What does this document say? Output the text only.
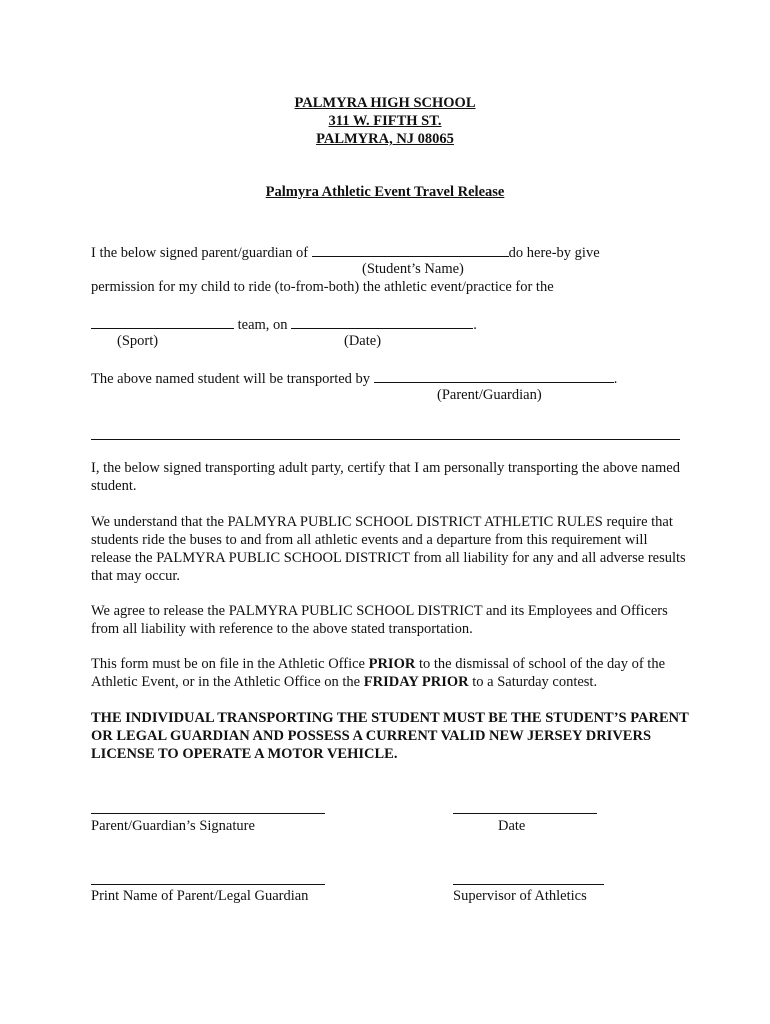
PALMYRA HIGH SCHOOL
311 W. FIFTH ST.
PALMYRA, NJ 08065
Palmyra Athletic Event Travel Release
I the below signed parent/guardian of	do here-by give
(Student’s Name)
permission for my child to ride (to-from-both) the athletic event/practice for the
team, on	.
(Sport)	(Date)
The above named student will be transported by	.
(Parent/Guardian)
I, the below signed transporting adult party, certify that I am personally transporting the above named student.
We understand that the PALMYRA PUBLIC SCHOOL DISTRICT ATHLETIC RULES require that students ride the buses to and from all athletic events and a departure from this requirement will release the PALMYRA PUBLIC SCHOOL DISTRICT from all liability for any and all adverse results that may occur.
We agree to release the PALMYRA PUBLIC SCHOOL DISTRICT and its Employees and Officers from all liability with reference to the above stated transportation.
This form must be on file in the Athletic Office PRIOR to the dismissal of school of the day of the Athletic Event, or in the Athletic Office on the FRIDAY PRIOR to a Saturday contest.
THE INDIVIDUAL TRANSPORTING THE STUDENT MUST BE THE STUDENT’S PARENT OR LEGAL GUARDIAN AND POSSESS A CURRENT VALID NEW JERSEY DRIVERS LICENSE TO OPERATE A MOTOR VEHICLE.
Parent/Guardian’s Signature	Date
Print Name of Parent/Legal Guardian	Supervisor of Athletics
